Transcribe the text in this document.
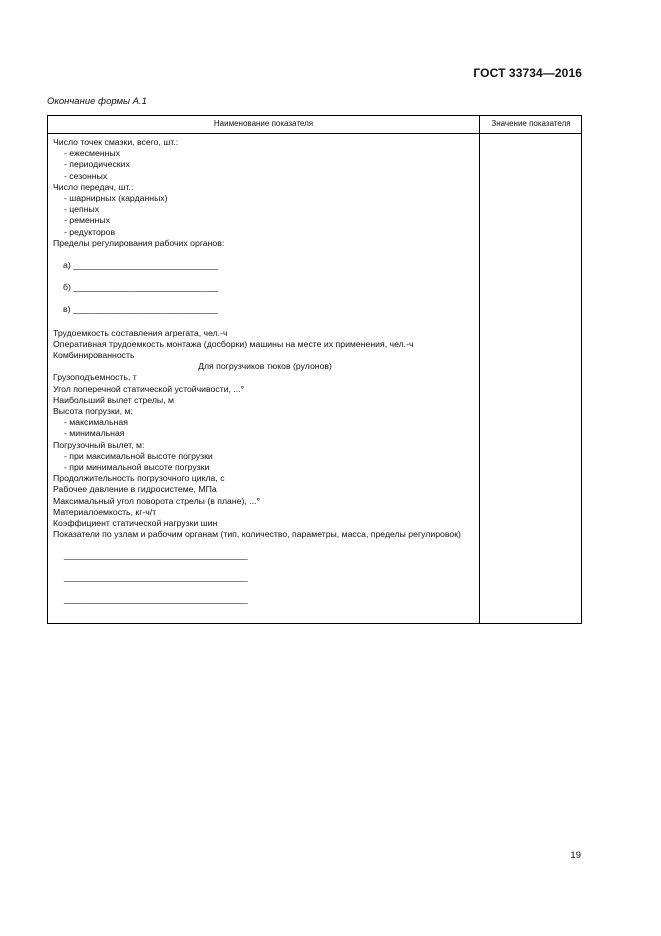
ГОСТ 33734—2016
Окончание формы А.1
Наименование показателя	Значение показателя
Число точек смазки, всего, шт.:
- ежесменных
- периодических
- сезонных
Число передач, шт.:
- шарнирных (карданных)
- цепных
- ременных
- редукторов
Пределы регулирования рабочих органов:
а) ______________________________
б) ______________________________
в) ______________________________
Трудоемкость составления агрегата, чел.-ч
Оперативная трудоемкость монтажа (досборки) машины на месте их применения, чел.-ч
Комбинированность
Для погрузчиков тюков (рулонов)
Грузоподъемность, т
Угол поперечной статической устойчивости, ...°
Наибольший вылет стрелы, м
Высота погрузки, м:
- максимальная
- минимальная
Погрузочный вылет, м:
- при максимальной высоте погрузки
- при минимальной высоте погрузки
Продолжительность погрузочного цикла, с
Рабочее давление в гидросистеме, МПа
Максимальный угол поворота стрелы (в плане), ...°
Материалоемкость, кг-ч/т
Коэффициент статической нагрузки шин
Показатели по узлам и рабочим органам (тип, количество, параметры, масса, пределы регулировок)
______________________________________
______________________________________
______________________________________
19
